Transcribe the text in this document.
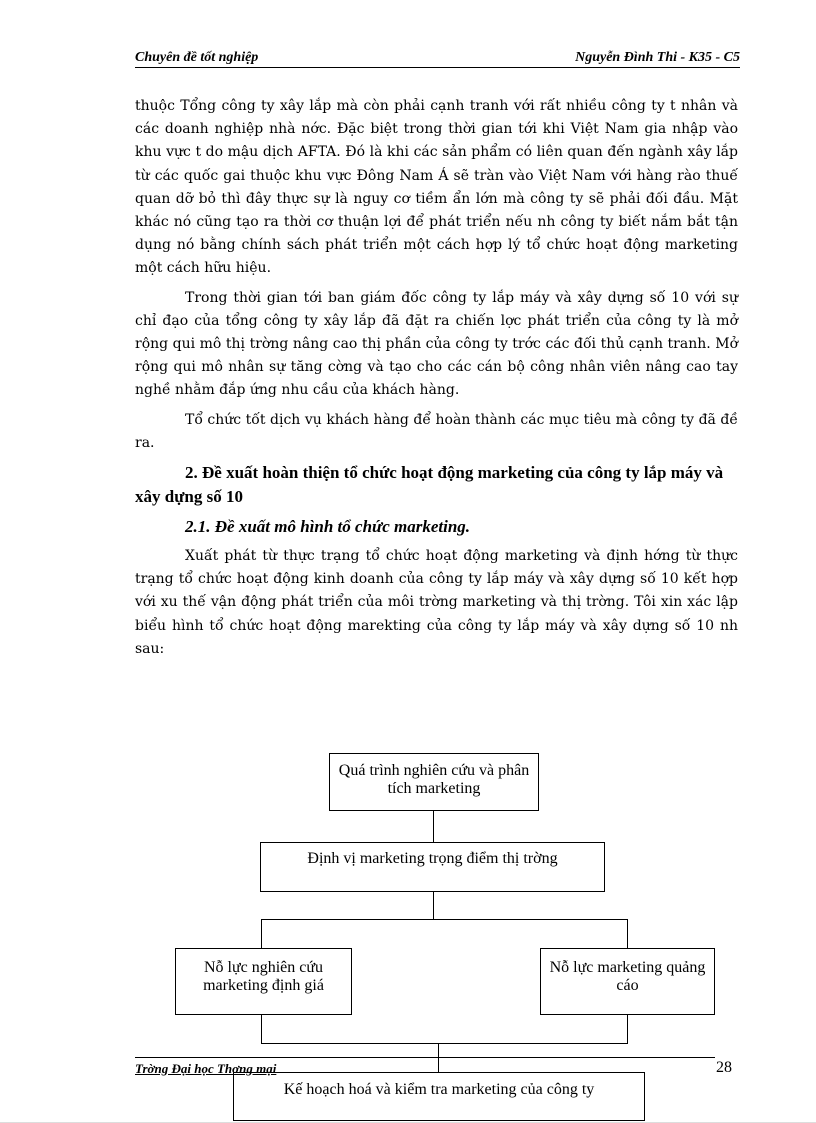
Chuyên đề tốt nghiệp	Nguyễn Đình Thi - K35 - C5

thuộc Tổng công ty xây lắp mà còn phải cạnh tranh với rất nhiều công ty t nhân và các doanh nghiệp nhà nớc. Đặc biệt trong thời gian tới khi Việt Nam gia nhập vào khu vực t do mậu dịch AFTA. Đó là khi các sản phẩm có liên quan đến ngành xây lắp từ các quốc gai thuộc khu vực Đông Nam Á sẽ tràn vào Việt Nam với hàng rào thuế quan dỡ bỏ thì đây thực sự là nguy cơ tiềm ẩn lớn mà công ty sẽ phải đối đầu. Mặt khác nó cũng tạo ra thời cơ thuận lợi để phát triển nếu nh công ty biết nắm bắt tận dụng nó bằng chính sách phát triển một cách hợp lý tổ chức hoạt động marketing một cách hữu hiệu.

Trong thời gian tới ban giám đốc công ty lắp máy và xây dựng số 10 với sự chỉ đạo của tổng công ty xây lắp đã đặt ra chiến lợc phát triển của công ty là mở rộng qui mô thị trờng nâng cao thị phần của công ty trớc các đối thủ cạnh tranh. Mở rộng qui mô nhân sự tăng cờng và tạo cho các cán bộ công nhân viên nâng cao tay nghề nhằm đắp ứng nhu cầu của khách hàng.

Tổ chức tốt dịch vụ khách hàng để hoàn thành các mục tiêu mà công ty đã đề ra.

2. Đề xuất hoàn thiện tổ chức hoạt động marketing của công ty lắp máy và xây dựng số 10
2.1. Đề xuất mô hình tổ chức marketing.

Xuất phát từ thực trạng tổ chức hoạt động marketing và định hớng từ thực trạng tổ chức hoạt động kinh doanh của công ty lắp máy và xây dựng số 10 kết hợp với xu thế vận động phát triển của môi trờng marketing và thị trờng. Tôi xin xác lập biểu hình tổ chức hoạt động marekting của công ty lắp máy và xây dựng số 10 nh sau:

Quá trình nghiên cứu và phân tích marketing
Định vị marketing trọng điểm thị trờng
Nỗ lực nghiên cứu marketing định giá
Nỗ lực marketing quảng cáo
Kế hoạch hoá và kiểm tra marketing của công ty
Trờng Đại học Thơng mại	28
